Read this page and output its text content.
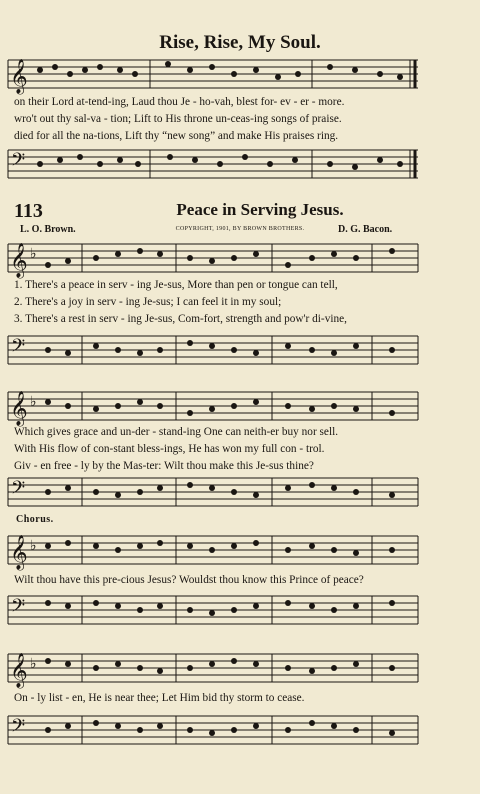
Rise, Rise, My Soul.
𝄞
on their Lord at-tend-ing, Laud thou Je - ho-vah, blest for- ev - er - more.
wro't out thy sal-va - tion; Lift to His throne un-ceas-ing songs of praise.
died for all the na-tions, Lift thy “new song” and make His praises ring.
𝄢
113	Peace in Serving Jesus.
L. O. Brown.	COPYRIGHT, 1901, BY BROWN BROTHERS.	D. G. Bacon.
𝄞 ♭
1. There's a peace in serv - ing Je-sus, More than pen or tongue can tell,
2. There's a joy in serv - ing Je-sus; I can feel it in my soul;
3. There's a rest in serv - ing Je-sus, Com-fort, strength and pow'r di-vine,
𝄢
𝄞 ♭
Which gives grace and un-der - stand-ing One can neith-er buy nor sell.
With His flow of con-stant bless-ings, He has won my full con - trol.
Giv - en free - ly by the Mas-ter: Wilt thou make this Je-sus thine?
𝄢
Chorus.
𝄞 ♭
Wilt thou have this pre-cious Jesus? Wouldst thou know this Prince of peace?
𝄢
𝄞 ♭
On - ly list - en, He is near thee; Let Him bid thy storm to cease.
𝄢
